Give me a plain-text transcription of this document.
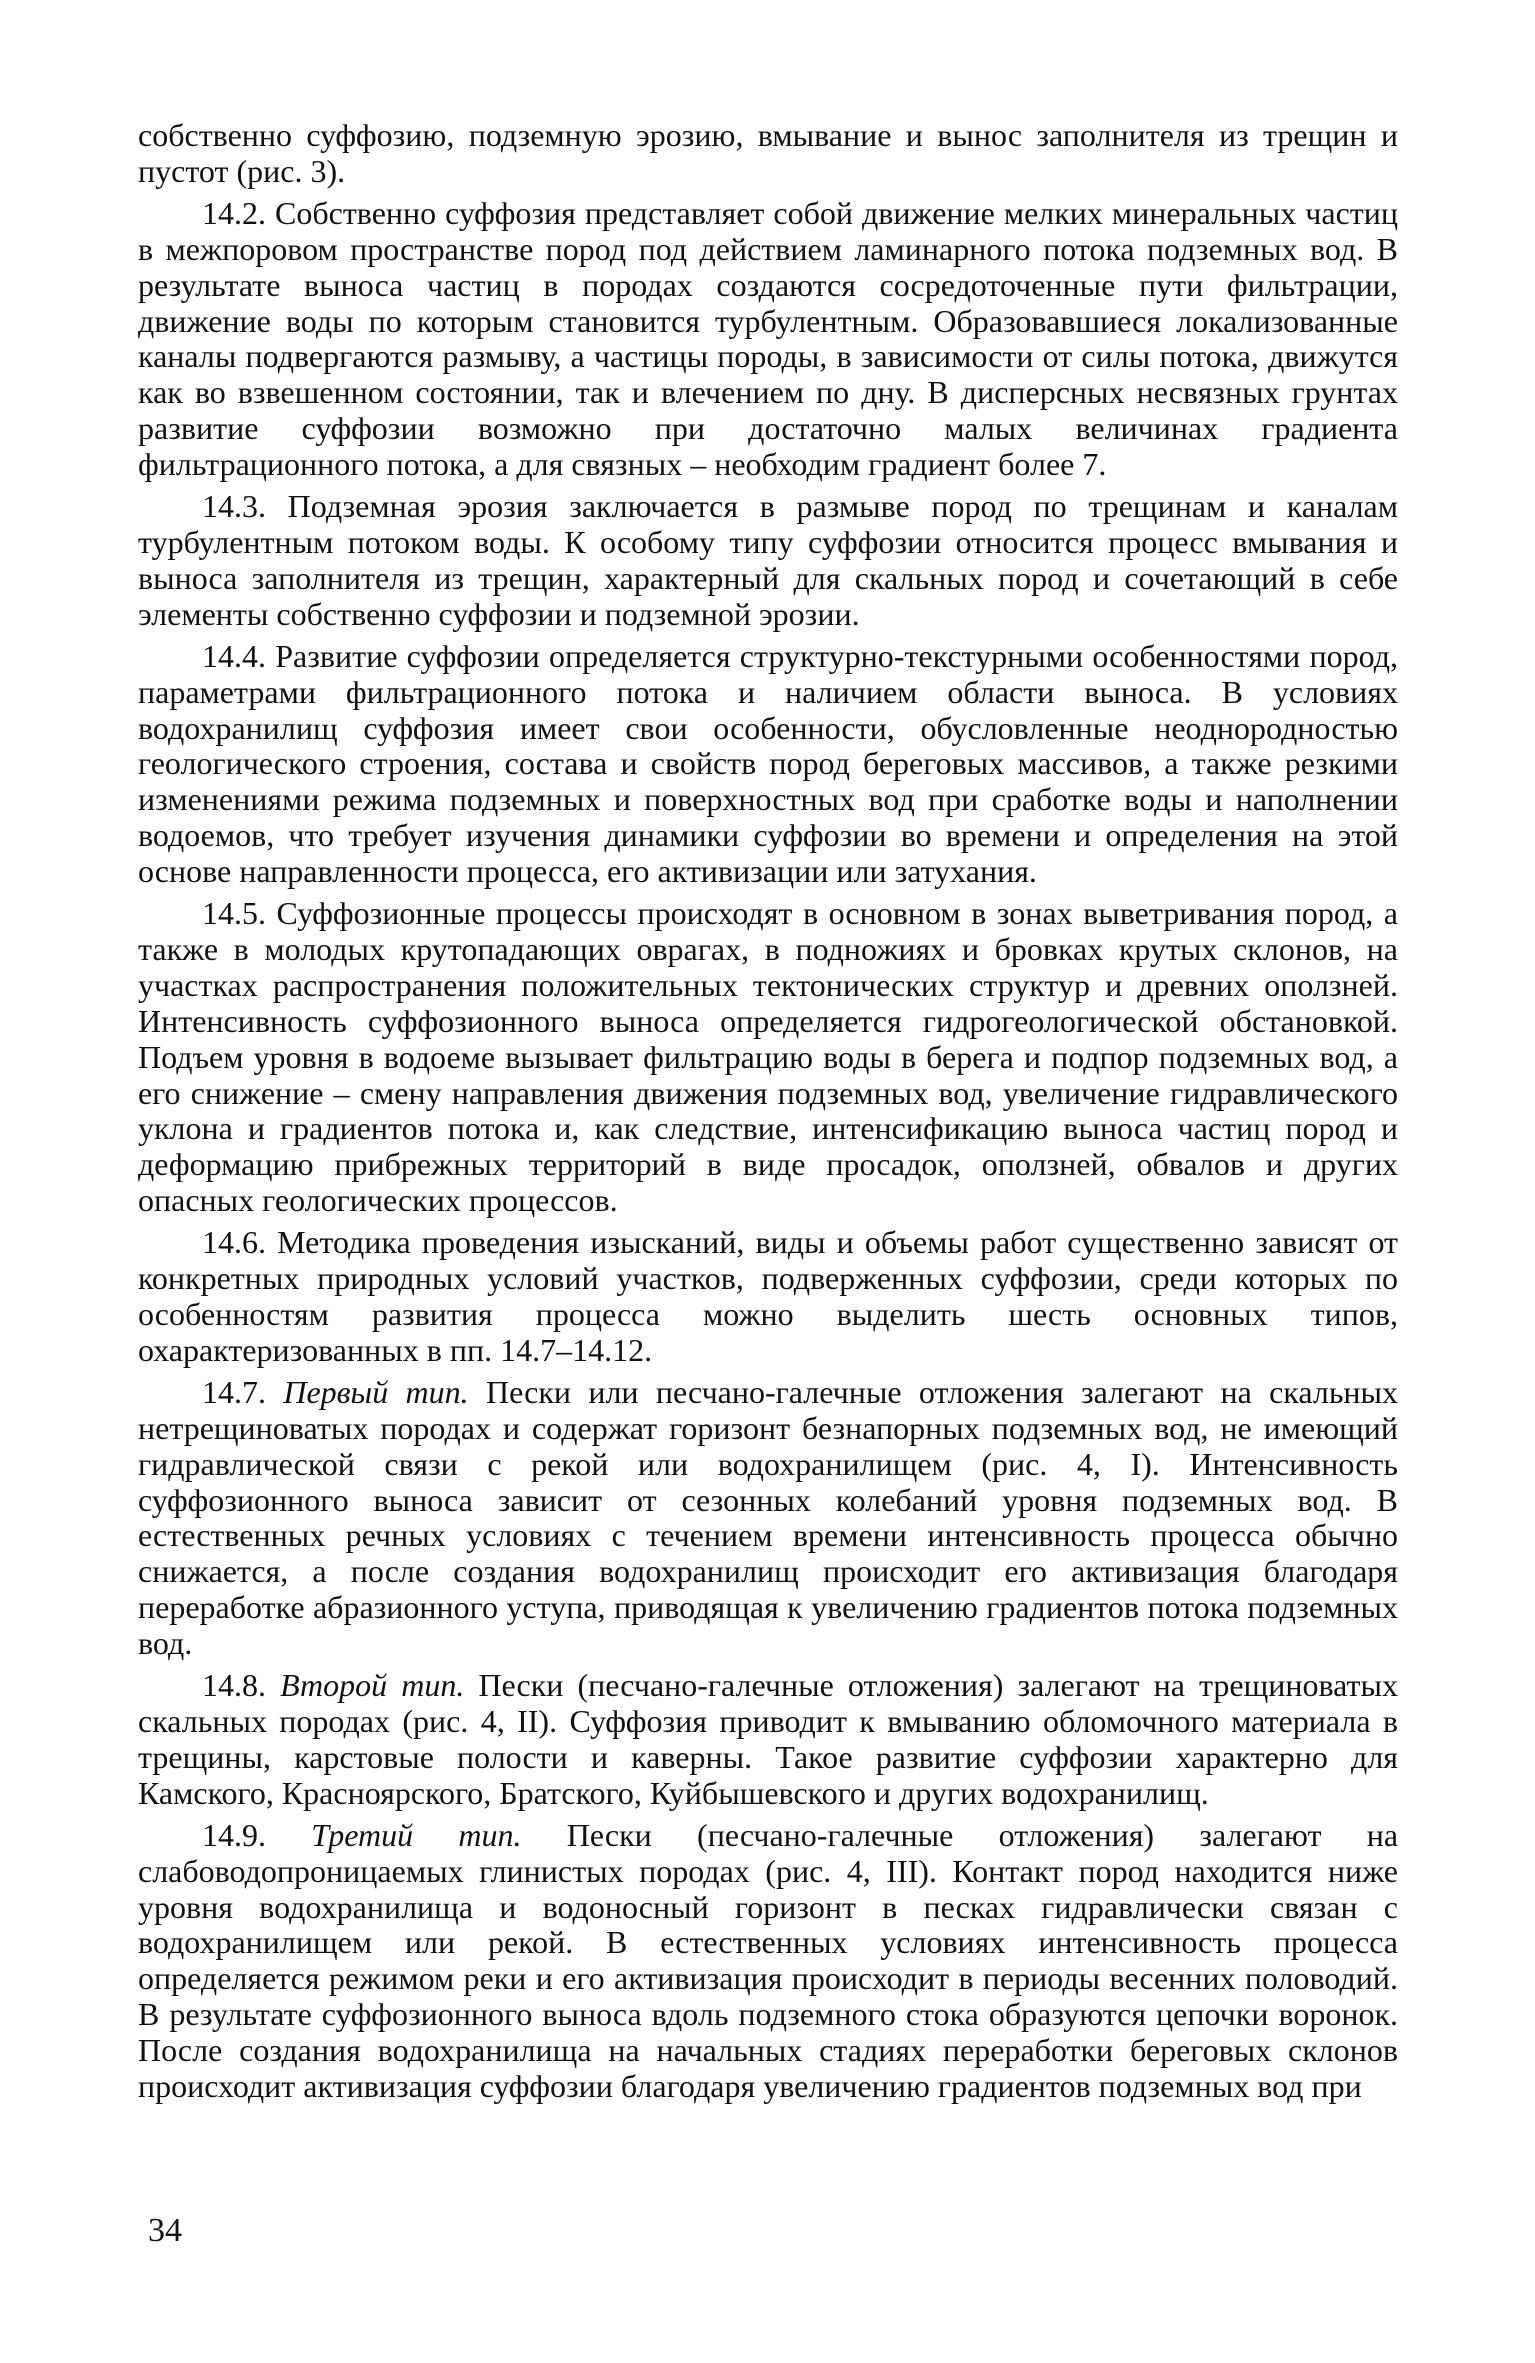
собственно суффозию, подземную эрозию, вмывание и вынос заполнителя из трещин и пустот (рис. 3).

14.2. Собственно суффозия представляет собой движение мелких минеральных частиц в межпоровом пространстве пород под действием ламинарного потока подземных вод. В результате выноса частиц в породах создаются сосредоточенные пути фильтрации, движение воды по которым становится турбулентным. Образовавшиеся локализованные каналы подвергаются размыву, а частицы породы, в зависимости от силы потока, движутся как во взвешенном состоянии, так и влечением по дну. В дисперсных несвязных грунтах развитие суффозии возможно при достаточно малых величинах градиента фильтрационного потока, а для связных – необходим градиент более 7.

14.3. Подземная эрозия заключается в размыве пород по трещинам и каналам турбулентным потоком воды. К особому типу суффозии относится процесс вмывания и выноса заполнителя из трещин, характерный для скальных пород и сочетающий в себе элементы собственно суффозии и подземной эрозии.

14.4. Развитие суффозии определяется структурно-текстурными особенностями пород, параметрами фильтрационного потока и наличием области выноса. В условиях водохранилищ суффозия имеет свои особенности, обусловленные неоднородностью геологического строения, состава и свойств пород береговых массивов, а также резкими изменениями режима подземных и поверхностных вод при сработке воды и наполнении водоемов, что требует изучения динамики суффозии во времени и определения на этой основе направленности процесса, его активизации или затухания.

14.5. Суффозионные процессы происходят в основном в зонах выветривания пород, а также в молодых крутопадающих оврагах, в подножиях и бровках крутых склонов, на участках распространения положительных тектонических структур и древних оползней. Интенсивность суффозионного выноса определяется гидрогеологической обстановкой. Подъем уровня в водоеме вызывает фильтрацию воды в берега и подпор подземных вод, а его снижение – смену направления движения подземных вод, увеличение гидравлического уклона и градиентов потока и, как следствие, интенсификацию выноса частиц пород и деформацию прибрежных территорий в виде просадок, оползней, обвалов и других опасных геологических процессов.

14.6. Методика проведения изысканий, виды и объемы работ существенно зависят от конкретных природных условий участков, подверженных суффозии, среди которых по особенностям развития процесса можно выделить шесть основных типов, охарактеризованных в пп. 14.7–14.12.

14.7. Первый тип. Пески или песчано-галечные отложения залегают на скальных нетрещиноватых породах и содержат горизонт безнапорных подземных вод, не имеющий гидравлической связи с рекой или водохранилищем (рис. 4, I). Интенсивность суффозионного выноса зависит от сезонных колебаний уровня подземных вод. В естественных речных условиях с течением времени интенсивность процесса обычно снижается, а после создания водохранилищ происходит его активизация благодаря переработке абразионного уступа, приводящая к увеличению градиентов потока подземных вод.

14.8. Второй тип. Пески (песчано-галечные отложения) залегают на трещиноватых скальных породах (рис. 4, II). Суффозия приводит к вмыванию обломочного материала в трещины, карстовые полости и каверны. Такое развитие суффозии характерно для Камского, Красноярского, Братского, Куйбышевского и других водохранилищ.

14.9. Третий тип. Пески (песчано-галечные отложения) залегают на слабоводопроницаемых глинистых породах (рис. 4, III). Контакт пород находится ниже уровня водохранилища и водоносный горизонт в песках гидравлически связан с водохранилищем или рекой. В естественных условиях интенсивность процесса определяется режимом реки и его активизация происходит в периоды весенних половодий. В результате суффозионного выноса вдоль подземного стока образуются цепочки воронок. После создания водохранилища на начальных стадиях переработки береговых склонов происходит активизация суффозии благодаря увеличению градиентов подземных вод при

34
